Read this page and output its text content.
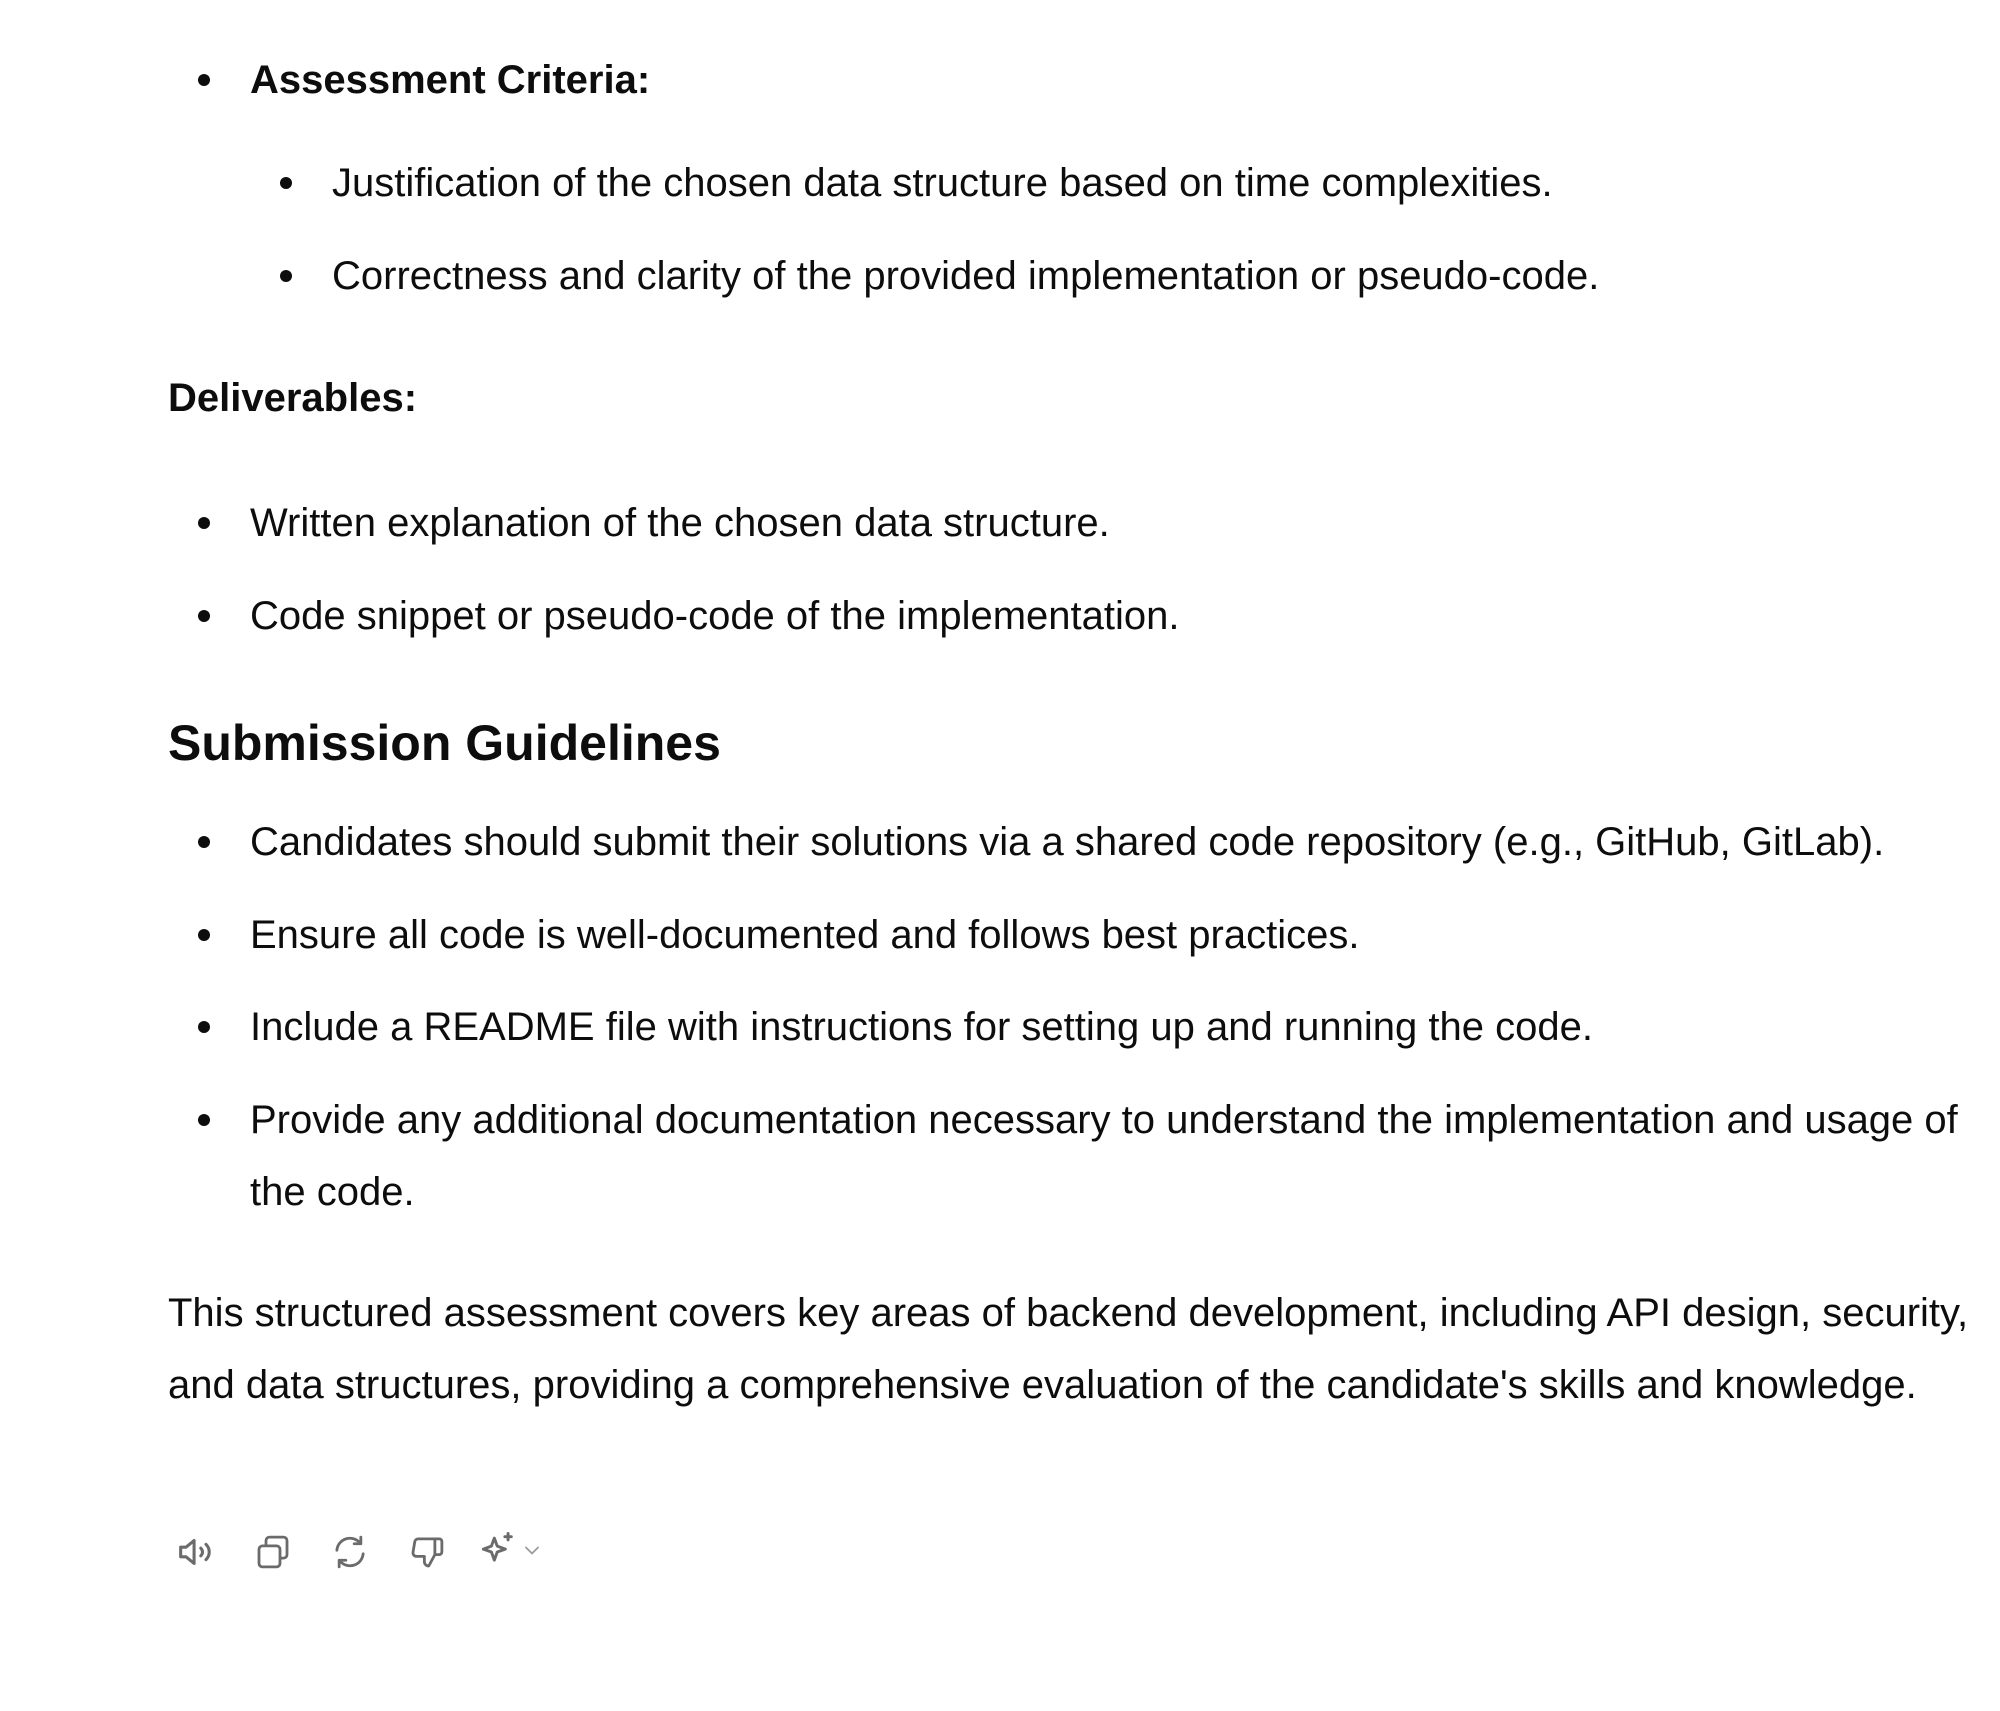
Assessment Criteria:
Justification of the chosen data structure based on time complexities.
Correctness and clarity of the provided implementation or pseudo-code.
Deliverables:
Written explanation of the chosen data structure.
Code snippet or pseudo-code of the implementation.
Submission Guidelines
Candidates should submit their solutions via a shared code repository (e.g., GitHub, GitLab).
Ensure all code is well-documented and follows best practices.
Include a README file with instructions for setting up and running the code.
Provide any additional documentation necessary to understand the implementation and usage of the code.
This structured assessment covers key areas of backend development, including API design, security, and data structures, providing a comprehensive evaluation of the candidate's skills and knowledge.
